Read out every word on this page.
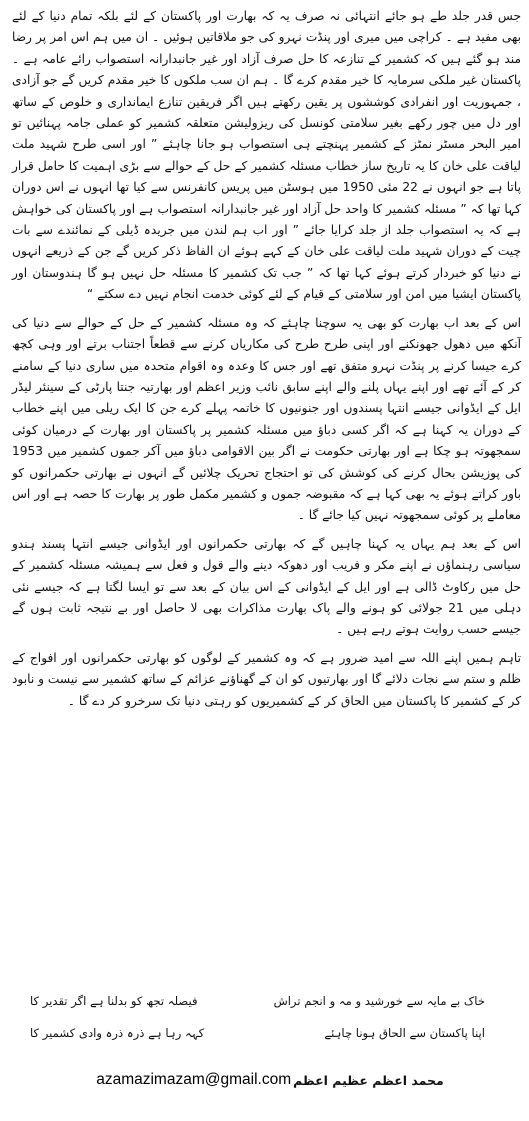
جس قدر جلد طے ہو جائے انتہائی نہ صرف یہ کہ بھارت اور پاکستان کے لئے بلکہ تمام دنیا کے لئے بھی مفید ہے ۔ کراچی میں میری اور پنڈت نہرو کی جو ملاقاتیں ہوئیں ۔ ان میں ہم اس امر پر رضا مند ہو گئے ہیں کہ کشمیر کے تنازعہ کا حل صرف آزاد اور غیر جانبدارانہ استصواب رائے عامہ ہے ۔ پاکستان غیر ملکی سرمایہ کا خیر مقدم کرے گا ۔ ہم ان سب ملکوں کا خیر مقدم کریں گے جو آزادی ، جمہوریت اور انفرادی کوششوں پر یقین رکھتے ہیں اگر فریقین تنازع ایمانداری و خلوص کے ساتھ اور دل میں چور رکھے بغیر سلامتی کونسل کی ریزولیشن متعلقہ کشمیر کو عملی جامہ پہنائیں تو امیر البحر مسٹر نمٹز کے کشمیر پہنچتے ہی استصواب ہو جانا چاہئے ” اور اسی طرح شہید ملت لیاقت علی خان کا یہ تاریخ ساز خطاب مسئلہ کشمیر کے حل کے حوالے سے بڑی اہمیت کا حامل قرار پاتا ہے جو انہوں نے 22 مئی 1950 میں ہوسٹن میں پریس کانفرنس سے کیا تھا انہوں نے اس دوران کہا تھا کہ ” مسئلہ کشمیر کا واحد حل آزاد اور غیر جانبدارانہ استصواب ہے اور پاکستان کی خواہش ہے کہ یہ استصواب جلد از جلد کرایا جائے ” اور اب ہم لندن میں جریدہ ڈیلی کے نمائندے سے بات چیت کے دوران شہید ملت لیاقت علی خان کے کہے ہوئے ان الفاظ ذکر کریں گے جن کے ذریعے انہوں نے دنیا کو خبردار کرتے ہوئے کہا تھا کہ ” جب تک کشمیر کا مسئلہ حل نہیں ہو گا ہندوستان اور پاکستان ایشیا میں امن اور سلامتی کے قیام کے لئے کوئی خدمت انجام نہیں دے سکتے “

اس کے بعد اب بھارت کو بھی یہ سوچنا چاہئے کہ وہ مسئلہ کشمیر کے حل کے حوالے سے دنیا کی آنکھ میں دھول جھونکنے اور اپنی طرح طرح کی مکاریاں کرنے سے قطعاً اجتناب برتے اور وہی کچھ کرے جیسا کرنے پر پنڈت نہرو متفق تھے اور جس کا وعدہ وہ اقوام متحدہ میں ساری دنیا کے سامنے کر کے آئے تھے اور اپنے یہاں پلنے والے اپنے سابق نائب وزیر اعظم اور بھارتیہ جنتا پارٹی کے سینئر لیڈر ایل کے ایڈوانی جیسے انتہا پسندوں اور جنونیوں کا خاتمہ پہلے کرے جن کا ایک ریلی میں اپنے خطاب کے دوران یہ کہنا ہے کہ اگر کسی دباؤ میں مسئلہ کشمیر پر پاکستان اور بھارت کے درمیان کوئی سمجھوتہ ہو چکا ہے اور بھارتی حکومت نے اگر بین الاقوامی دباؤ میں آکر جموں کشمیر میں 1953 کی پوزیشن بحال کرنے کی کوشش کی تو احتجاج تحریک چلائیں گے انہوں نے بھارتی حکمرانوں کو باور کراتے ہوئے یہ بھی کہا ہے کہ مقبوضہ جموں و کشمیر مکمل طور پر بھارت کا حصہ ہے اور اس معاملے پر کوئی سمجھوتہ نہیں کیا جائے گا ۔

اس کے بعد ہم یہاں یہ کہنا چاہیں گے کہ بھارتی حکمرانوں اور ایڈوانی جیسے انتہا پسند ہندو سیاسی رہنماؤں نے اپنے مکر و فریب اور دھوکہ دینے والے قول و فعل سے ہمیشہ مسئلہ کشمیر کے حل میں رکاوٹ ڈالی ہے اور ایل کے ایڈوانی کے اس بیان کے بعد سے تو ایسا لگتا ہے کہ جیسے نئی دہلی میں 21 جولائی کو ہونے والے پاک بھارت مذاکرات بھی لا حاصل اور بے نتیجہ ثابت ہوں گے جیسے حسب روایت ہوتے رہے ہیں ۔

تاہم ہمیں اپنے اللہ سے امید ضرور ہے کہ وہ کشمیر کے لوگوں کو بھارتی حکمرانوں اور افواج کے ظلم و ستم سے نجات دلائے گا اور بھارتیوں کو ان کے گھناؤنے عزائم کے ساتھ کشمیر سے نیست و نابود کر کے کشمیر کا پاکستان میں الحاق کر کے کشمیریوں کو رہتی دنیا تک سرخرو کر دے گا ۔

خاک بے مایہ سے خورشید و مہ و انجم تراش
فیصلہ تجھ کو بدلنا ہے اگر تقدیر کا
اپنا پاکستان سے الحاق ہونا چاہئے
کہہ رہا ہے ذرہ ذرہ وادی کشمیر کا
azamazimazam@gmail.com محمد اعظم عظیم اعظم
